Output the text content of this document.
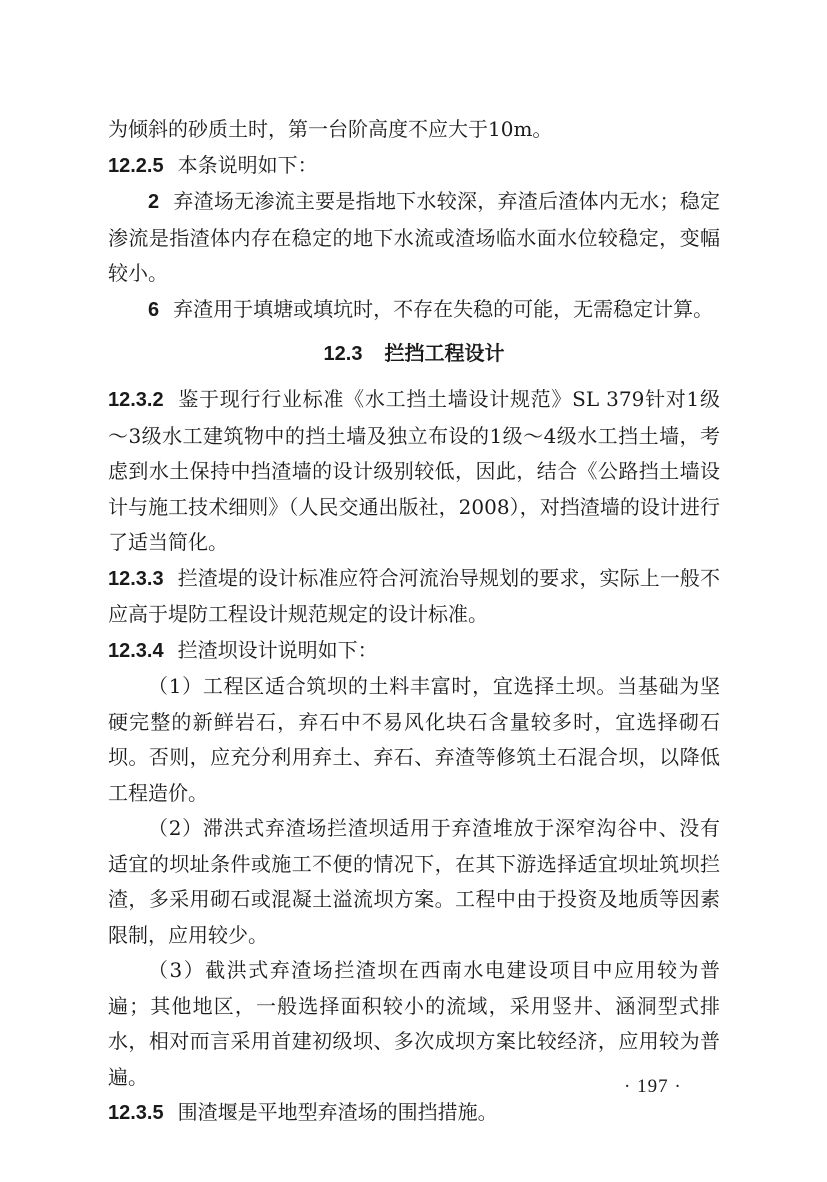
为倾斜的砂质土时，第一台阶高度不应大于10m。

12.2.5 本条说明如下：

2 弃渣场无渗流主要是指地下水较深，弃渣后渣体内无水；稳定渗流是指渣体内存在稳定的地下水流或渣场临水面水位较稳定，变幅较小。

6 弃渣用于填塘或填坑时，不存在失稳的可能，无需稳定计算。

12.3 拦挡工程设计

12.3.2 鉴于现行行业标准《水工挡土墙设计规范》SL 379针对1级～3级水工建筑物中的挡土墙及独立布设的1级～4级水工挡土墙，考虑到水土保持中挡渣墙的设计级别较低，因此，结合《公路挡土墙设计与施工技术细则》（人民交通出版社，2008），对挡渣墙的设计进行了适当简化。

12.3.3 拦渣堤的设计标准应符合河流治导规划的要求，实际上一般不应高于堤防工程设计规范规定的设计标准。

12.3.4 拦渣坝设计说明如下：

（1）工程区适合筑坝的土料丰富时，宜选择土坝。当基础为坚硬完整的新鲜岩石，弃石中不易风化块石含量较多时，宜选择砌石坝。否则，应充分利用弃土、弃石、弃渣等修筑土石混合坝，以降低工程造价。

（2）滞洪式弃渣场拦渣坝适用于弃渣堆放于深窄沟谷中、没有适宜的坝址条件或施工不便的情况下，在其下游选择适宜坝址筑坝拦渣，多采用砌石或混凝土溢流坝方案。工程中由于投资及地质等因素限制，应用较少。

（3）截洪式弃渣场拦渣坝在西南水电建设项目中应用较为普遍；其他地区，一般选择面积较小的流域，采用竖井、涵洞型式排水，相对而言采用首建初级坝、多次成坝方案比较经济，应用较为普遍。

12.3.5 围渣堰是平地型弃渣场的围挡措施。

· 197 ·
